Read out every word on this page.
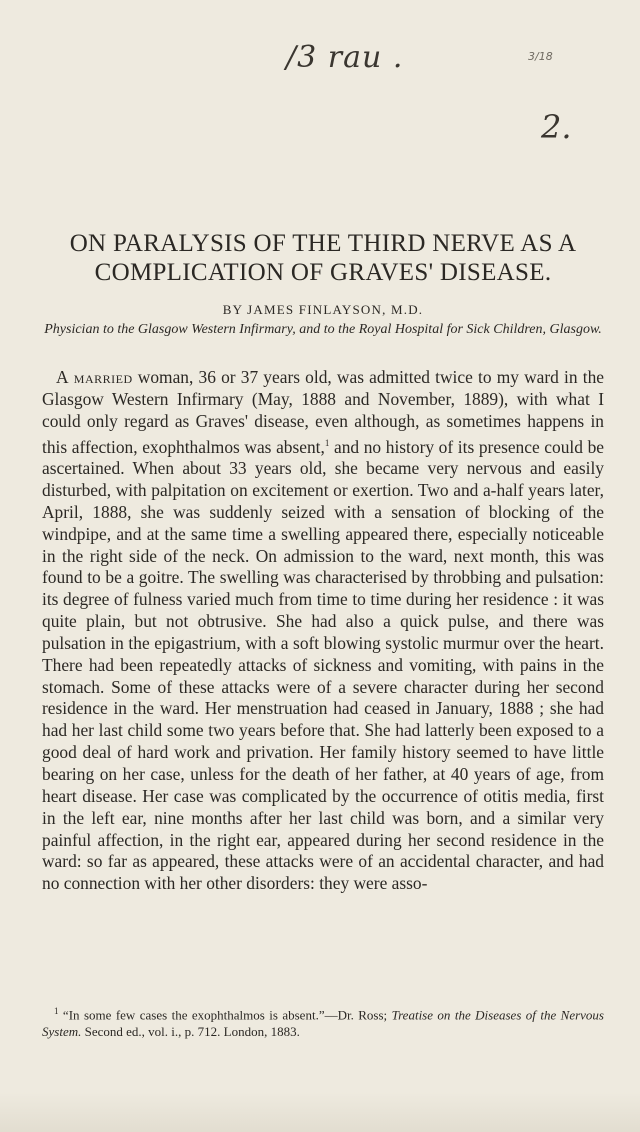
/3 rau .	3/18
2.
ON PARALYSIS OF THE THIRD NERVE AS A COMPLICATION OF GRAVES' DISEASE.
BY JAMES FINLAYSON, M.D.
Physician to the Glasgow Western Infirmary, and to the Royal Hospital for Sick Children, Glasgow.

A married woman, 36 or 37 years old, was admitted twice to my ward in the Glasgow Western Infirmary (May, 1888 and November, 1889), with what I could only regard as Graves' disease, even although, as sometimes happens in this affection, exophthalmos was absent,$^1$ and no history of its presence could be ascertained. When about 33 years old, she became very nervous and easily disturbed, with palpitation on excitement or exertion. Two and a-half years later, April, 1888, she was suddenly seized with a sensation of blocking of the windpipe, and at the same time a swelling appeared there, especially noticeable in the right side of the neck. On admission to the ward, next month, this was found to be a goitre. The swelling was characterised by throbbing and pulsation: its degree of fulness varied much from time to time during her residence : it was quite plain, but not obtrusive. She had also a quick pulse, and there was pulsation in the epigastrium, with a soft blowing systolic murmur over the heart. There had been repeatedly attacks of sickness and vomiting, with pains in the stomach. Some of these attacks were of a severe character during her second residence in the ward. Her menstruation had ceased in January, 1888 ; she had had her last child some two years before that. She had latterly been exposed to a good deal of hard work and privation. Her family history seemed to have little bearing on her case, unless for the death of her father, at 40 years of age, from heart disease. Her case was complicated by the occurrence of otitis media, first in the left ear, nine months after her last child was born, and a similar very painful affection, in the right ear, appeared during her second residence in the ward: so far as appeared, these attacks were of an accidental character, and had no connection with her other disorders: they were asso-

$^1$ “In some few cases the exophthalmos is absent.”—Dr. Ross; Treatise on the Diseases of the Nervous System. Second ed., vol. i., p. 712. London, 1883.
